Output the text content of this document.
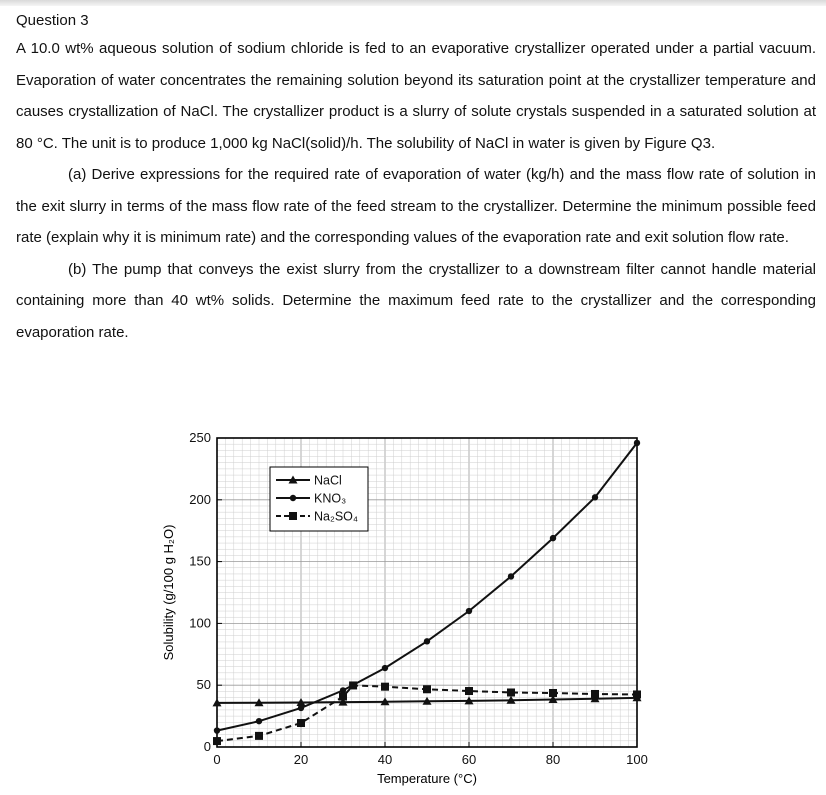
Question 3

A 10.0 wt% aqueous solution of sodium chloride is fed to an evaporative crystallizer operated under a partial vacuum. Evaporation of water concentrates the remaining solution beyond its saturation point at the crystallizer temperature and causes crystallization of NaCl. The crystallizer product is a slurry of solute crystals suspended in a saturated solution at 80 °C. The unit is to produce 1,000 kg NaCl(solid)/h. The solubility of NaCl in water is given by Figure Q3.

(a) Derive expressions for the required rate of evaporation of water (kg/h) and the mass flow rate of solution in the exit slurry in terms of the mass flow rate of the feed stream to the crystallizer. Determine the minimum possible feed rate (explain why it is minimum rate) and the corresponding values of the evaporation rate and exit solution flow rate.

(b) The pump that conveys the exist slurry from the crystallizer to a downstream filter cannot handle material containing more than 40 wt% solids. Determine the maximum feed rate to the crystallizer and the corresponding evaporation rate.

0	20	40	60	80	100
0
50
100
150
200
250
NaCl
KNO₃
Na₂SO₄
Temperature (°C)
Solubility (g/100 g H₂O)
